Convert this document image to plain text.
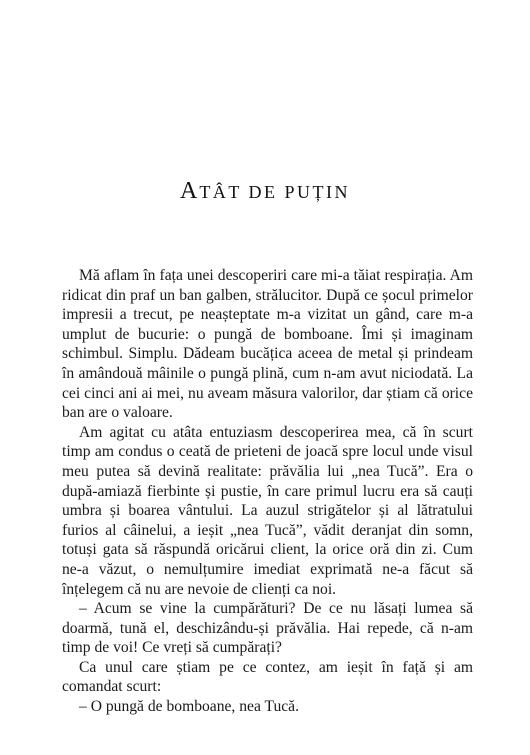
ATÂT DE PUȚIN

Mă aflam în fața unei descoperiri care mi-a tăiat respirația. Am ridicat din praf un ban galben, strălucitor. După ce șocul primelor impresii a trecut, pe neașteptate m-a vizitat un gând, care m-a umplut de bucurie: o pungă de bomboane. Îmi și imaginam schimbul. Simplu. Dădeam bucățica aceea de metal și prindeam în amândouă mâinile o pungă plină, cum n-am avut niciodată. La cei cinci ani ai mei, nu aveam măsura valorilor, dar știam că orice ban are o valoare.

Am agitat cu atâta entuziasm descoperirea mea, că în scurt timp am condus o ceată de prieteni de joacă spre locul unde visul meu putea să devină realitate: prăvălia lui „nea Tucă”. Era o după-amiază fierbinte și pustie, în care primul lucru era să cauți umbra și boarea vântului. La auzul strigătelor și al lătratului furios al câinelui, a ieșit „nea Tucă”, vădit deranjat din somn, totuși gata să răspundă oricărui client, la orice oră din zi. Cum ne-a văzut, o nemulțumire imediat exprimată ne-a făcut să înțelegem că nu are nevoie de clienți ca noi.

– Acum se vine la cumpărături? De ce nu lăsați lumea să doarmă, tună el, deschizându-și prăvălia. Hai repede, că n-am timp de voi! Ce vreți să cumpărați?

Ca unul care știam pe ce contez, am ieșit în față și am comandat scurt:

– O pungă de bomboane, nea Tucă.
